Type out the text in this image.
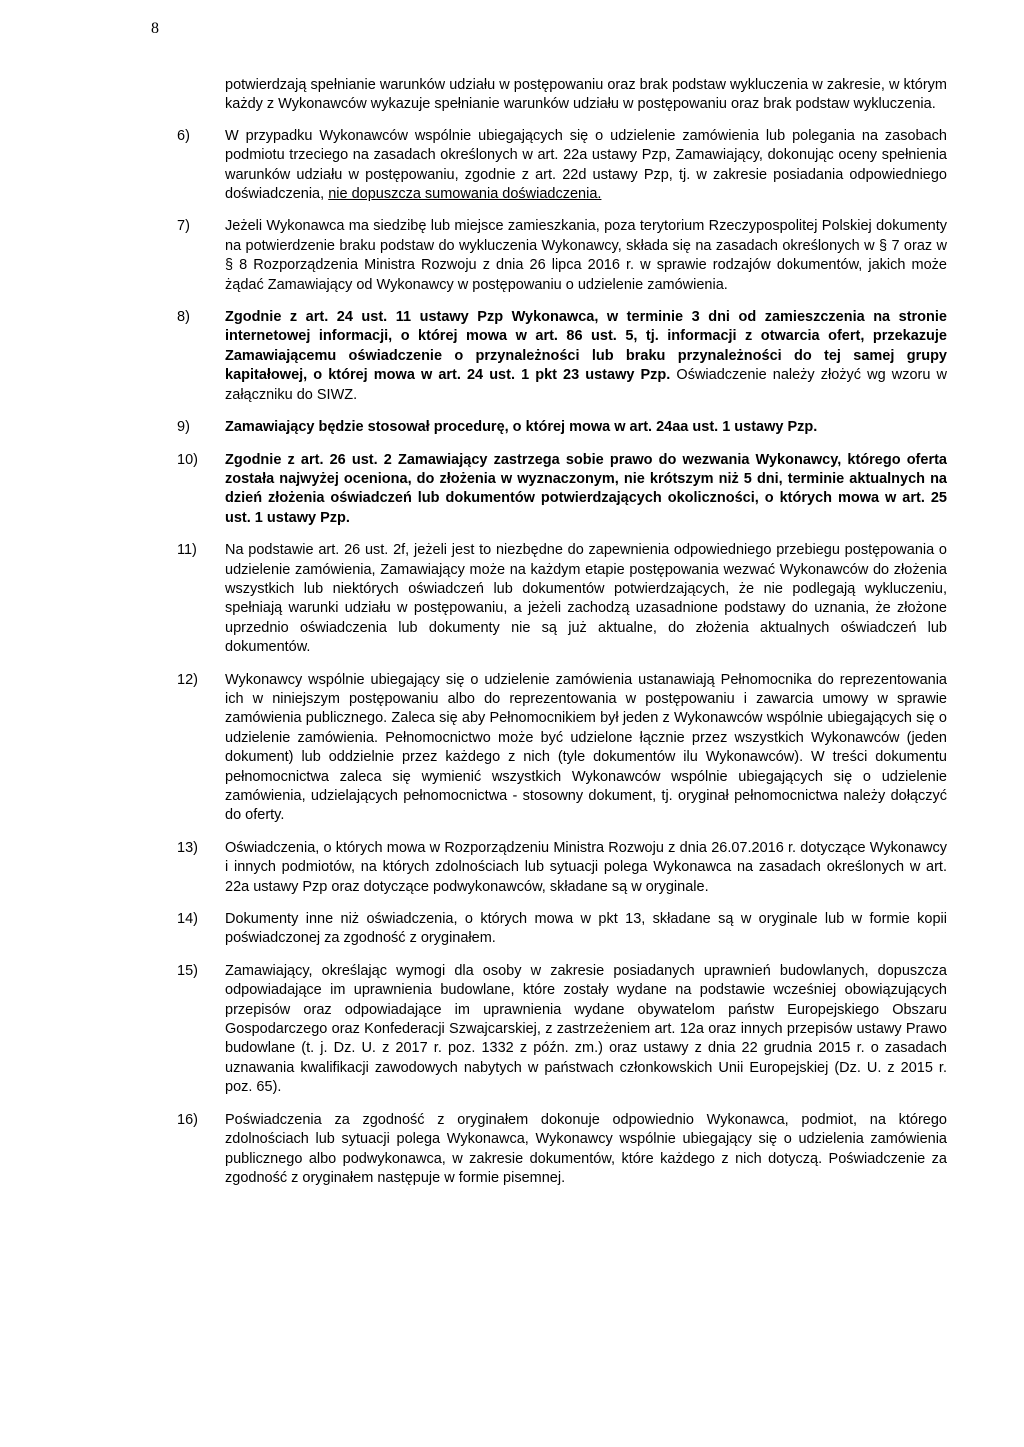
8

potwierdzają spełnianie warunków udziału w postępowaniu oraz brak podstaw wykluczenia w zakresie, w którym każdy z Wykonawców wykazuje spełnianie warunków udziału w postępowaniu oraz brak podstaw wykluczenia.

6)	W przypadku Wykonawców wspólnie ubiegających się o udzielenie zamówienia lub polegania na zasobach podmiotu trzeciego na zasadach określonych w art. 22a ustawy Pzp, Zamawiający, dokonując oceny spełnienia warunków udziału w postępowaniu, zgodnie z art. 22d ustawy Pzp, tj. w zakresie posiadania odpowiedniego doświadczenia, nie dopuszcza sumowania doświadczenia.
7)	Jeżeli Wykonawca ma siedzibę lub miejsce zamieszkania, poza terytorium Rzeczypospolitej Polskiej dokumenty na potwierdzenie braku podstaw do wykluczenia Wykonawcy, składa się na zasadach określonych w § 7 oraz w § 8 Rozporządzenia Ministra Rozwoju z dnia 26 lipca 2016 r. w sprawie rodzajów dokumentów, jakich może żądać Zamawiający od Wykonawcy w postępowaniu o udzielenie zamówienia.
8)	Zgodnie z art. 24 ust. 11 ustawy Pzp Wykonawca, w terminie 3 dni od zamieszczenia na stronie internetowej informacji, o której mowa w art. 86 ust. 5, tj. informacji z otwarcia ofert, przekazuje Zamawiającemu oświadczenie o przynależności lub braku przynależności do tej samej grupy kapitałowej, o której mowa w art. 24 ust. 1 pkt 23 ustawy Pzp. Oświadczenie należy złożyć wg wzoru w załączniku do SIWZ.
9)	Zamawiający będzie stosował procedurę, o której mowa w art. 24aa ust. 1 ustawy Pzp.
10)	Zgodnie z art. 26 ust. 2 Zamawiający zastrzega sobie prawo do wezwania Wykonawcy, którego oferta została najwyżej oceniona, do złożenia w wyznaczonym, nie krótszym niż 5 dni, terminie aktualnych na dzień złożenia oświadczeń lub dokumentów potwierdzających okoliczności, o których mowa w art. 25 ust. 1 ustawy Pzp.
11)	Na podstawie art. 26 ust. 2f, jeżeli jest to niezbędne do zapewnienia odpowiedniego przebiegu postępowania o udzielenie zamówienia, Zamawiający może na każdym etapie postępowania wezwać Wykonawców do złożenia wszystkich lub niektórych oświadczeń lub dokumentów potwierdzających, że nie podlegają wykluczeniu, spełniają warunki udziału w postępowaniu, a jeżeli zachodzą uzasadnione podstawy do uznania, że złożone uprzednio oświadczenia lub dokumenty nie są już aktualne, do złożenia aktualnych oświadczeń lub dokumentów.
12)	Wykonawcy wspólnie ubiegający się o udzielenie zamówienia ustanawiają Pełnomocnika do reprezentowania ich w niniejszym postępowaniu albo do reprezentowania w postępowaniu i zawarcia umowy w sprawie zamówienia publicznego. Zaleca się aby Pełnomocnikiem był jeden z Wykonawców wspólnie ubiegających się o udzielenie zamówienia. Pełnomocnictwo może być udzielone łącznie przez wszystkich Wykonawców (jeden dokument) lub oddzielnie przez każdego z nich (tyle dokumentów ilu Wykonawców). W treści dokumentu pełnomocnictwa zaleca się wymienić wszystkich Wykonawców wspólnie ubiegających się o udzielenie zamówienia, udzielających pełnomocnictwa - stosowny dokument, tj. oryginał pełnomocnictwa należy dołączyć do oferty.
13)	Oświadczenia, o których mowa w Rozporządzeniu Ministra Rozwoju z dnia 26.07.2016 r. dotyczące Wykonawcy i innych podmiotów, na których zdolnościach lub sytuacji polega Wykonawca na zasadach określonych w art. 22a ustawy Pzp oraz dotyczące podwykonawców, składane są w oryginale.
14)	Dokumenty inne niż oświadczenia, o których mowa w pkt 13, składane są w oryginale lub w formie kopii poświadczonej za zgodność z oryginałem.
15)	Zamawiający, określając wymogi dla osoby w zakresie posiadanych uprawnień budowlanych, dopuszcza odpowiadające im uprawnienia budowlane, które zostały wydane na podstawie wcześniej obowiązujących przepisów oraz odpowiadające im uprawnienia wydane obywatelom państw Europejskiego Obszaru Gospodarczego oraz Konfederacji Szwajcarskiej, z zastrzeżeniem art. 12a oraz innych przepisów ustawy Prawo budowlane (t. j. Dz. U. z 2017 r. poz. 1332 z późn. zm.) oraz ustawy z dnia 22 grudnia 2015 r. o zasadach uznawania kwalifikacji zawodowych nabytych w państwach członkowskich Unii Europejskiej (Dz. U. z 2015 r. poz. 65).
16)	Poświadczenia za zgodność z oryginałem dokonuje odpowiednio Wykonawca, podmiot, na którego zdolnościach lub sytuacji polega Wykonawca, Wykonawcy wspólnie ubiegający się o udzielenia zamówienia publicznego albo podwykonawca, w zakresie dokumentów, które każdego z nich dotyczą. Poświadczenie za zgodność z oryginałem następuje w formie pisemnej.
